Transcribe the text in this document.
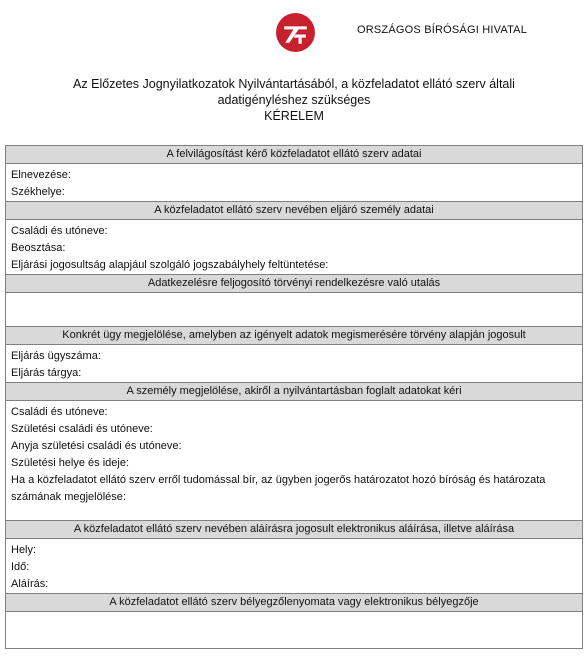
ORSZÁGOS BÍRÓSÁGI HIVATAL
Az Előzetes Jognyilatkozatok Nyilvántartásából, a közfeladatot ellátó szerv általi
adatigényléshez szükséges
KÉRELEM
A felvilágosítást kérő közfeladatot ellátó szerv adatai

Elnevezése:
Székhelye:

A közfeladatot ellátó szerv nevében eljáró személy adatai

Családi és utóneve:
Beosztása:
Eljárási jogosultság alapjául szolgáló jogszabályhely feltüntetése:

Adatkezelésre feljogosító törvényi rendelkezésre való utalás

Konkrét ügy megjelölése, amelyben az igényelt adatok megismerésére törvény alapján jogosult

Eljárás ügyszáma:
Eljárás tárgya:

A személy megjelölése, akiről a nyilvántartásban foglalt adatokat kéri

Családi és utóneve:
Születési családi és utóneve:
Anyja születési családi és utóneve:
Születési helye és ideje:
Ha a közfeladatot ellátó szerv erről tudomással bír, az ügyben jogerős határozatot hozó bíróság és határozata számának megjelölése:

A közfeladatot ellátó szerv nevében aláírásra jogosult elektronikus aláírása, illetve aláírása

Hely:
Idő:
Aláírás:

A közfeladatot ellátó szerv bélyegzőlenyomata vagy elektronikus bélyegzője
